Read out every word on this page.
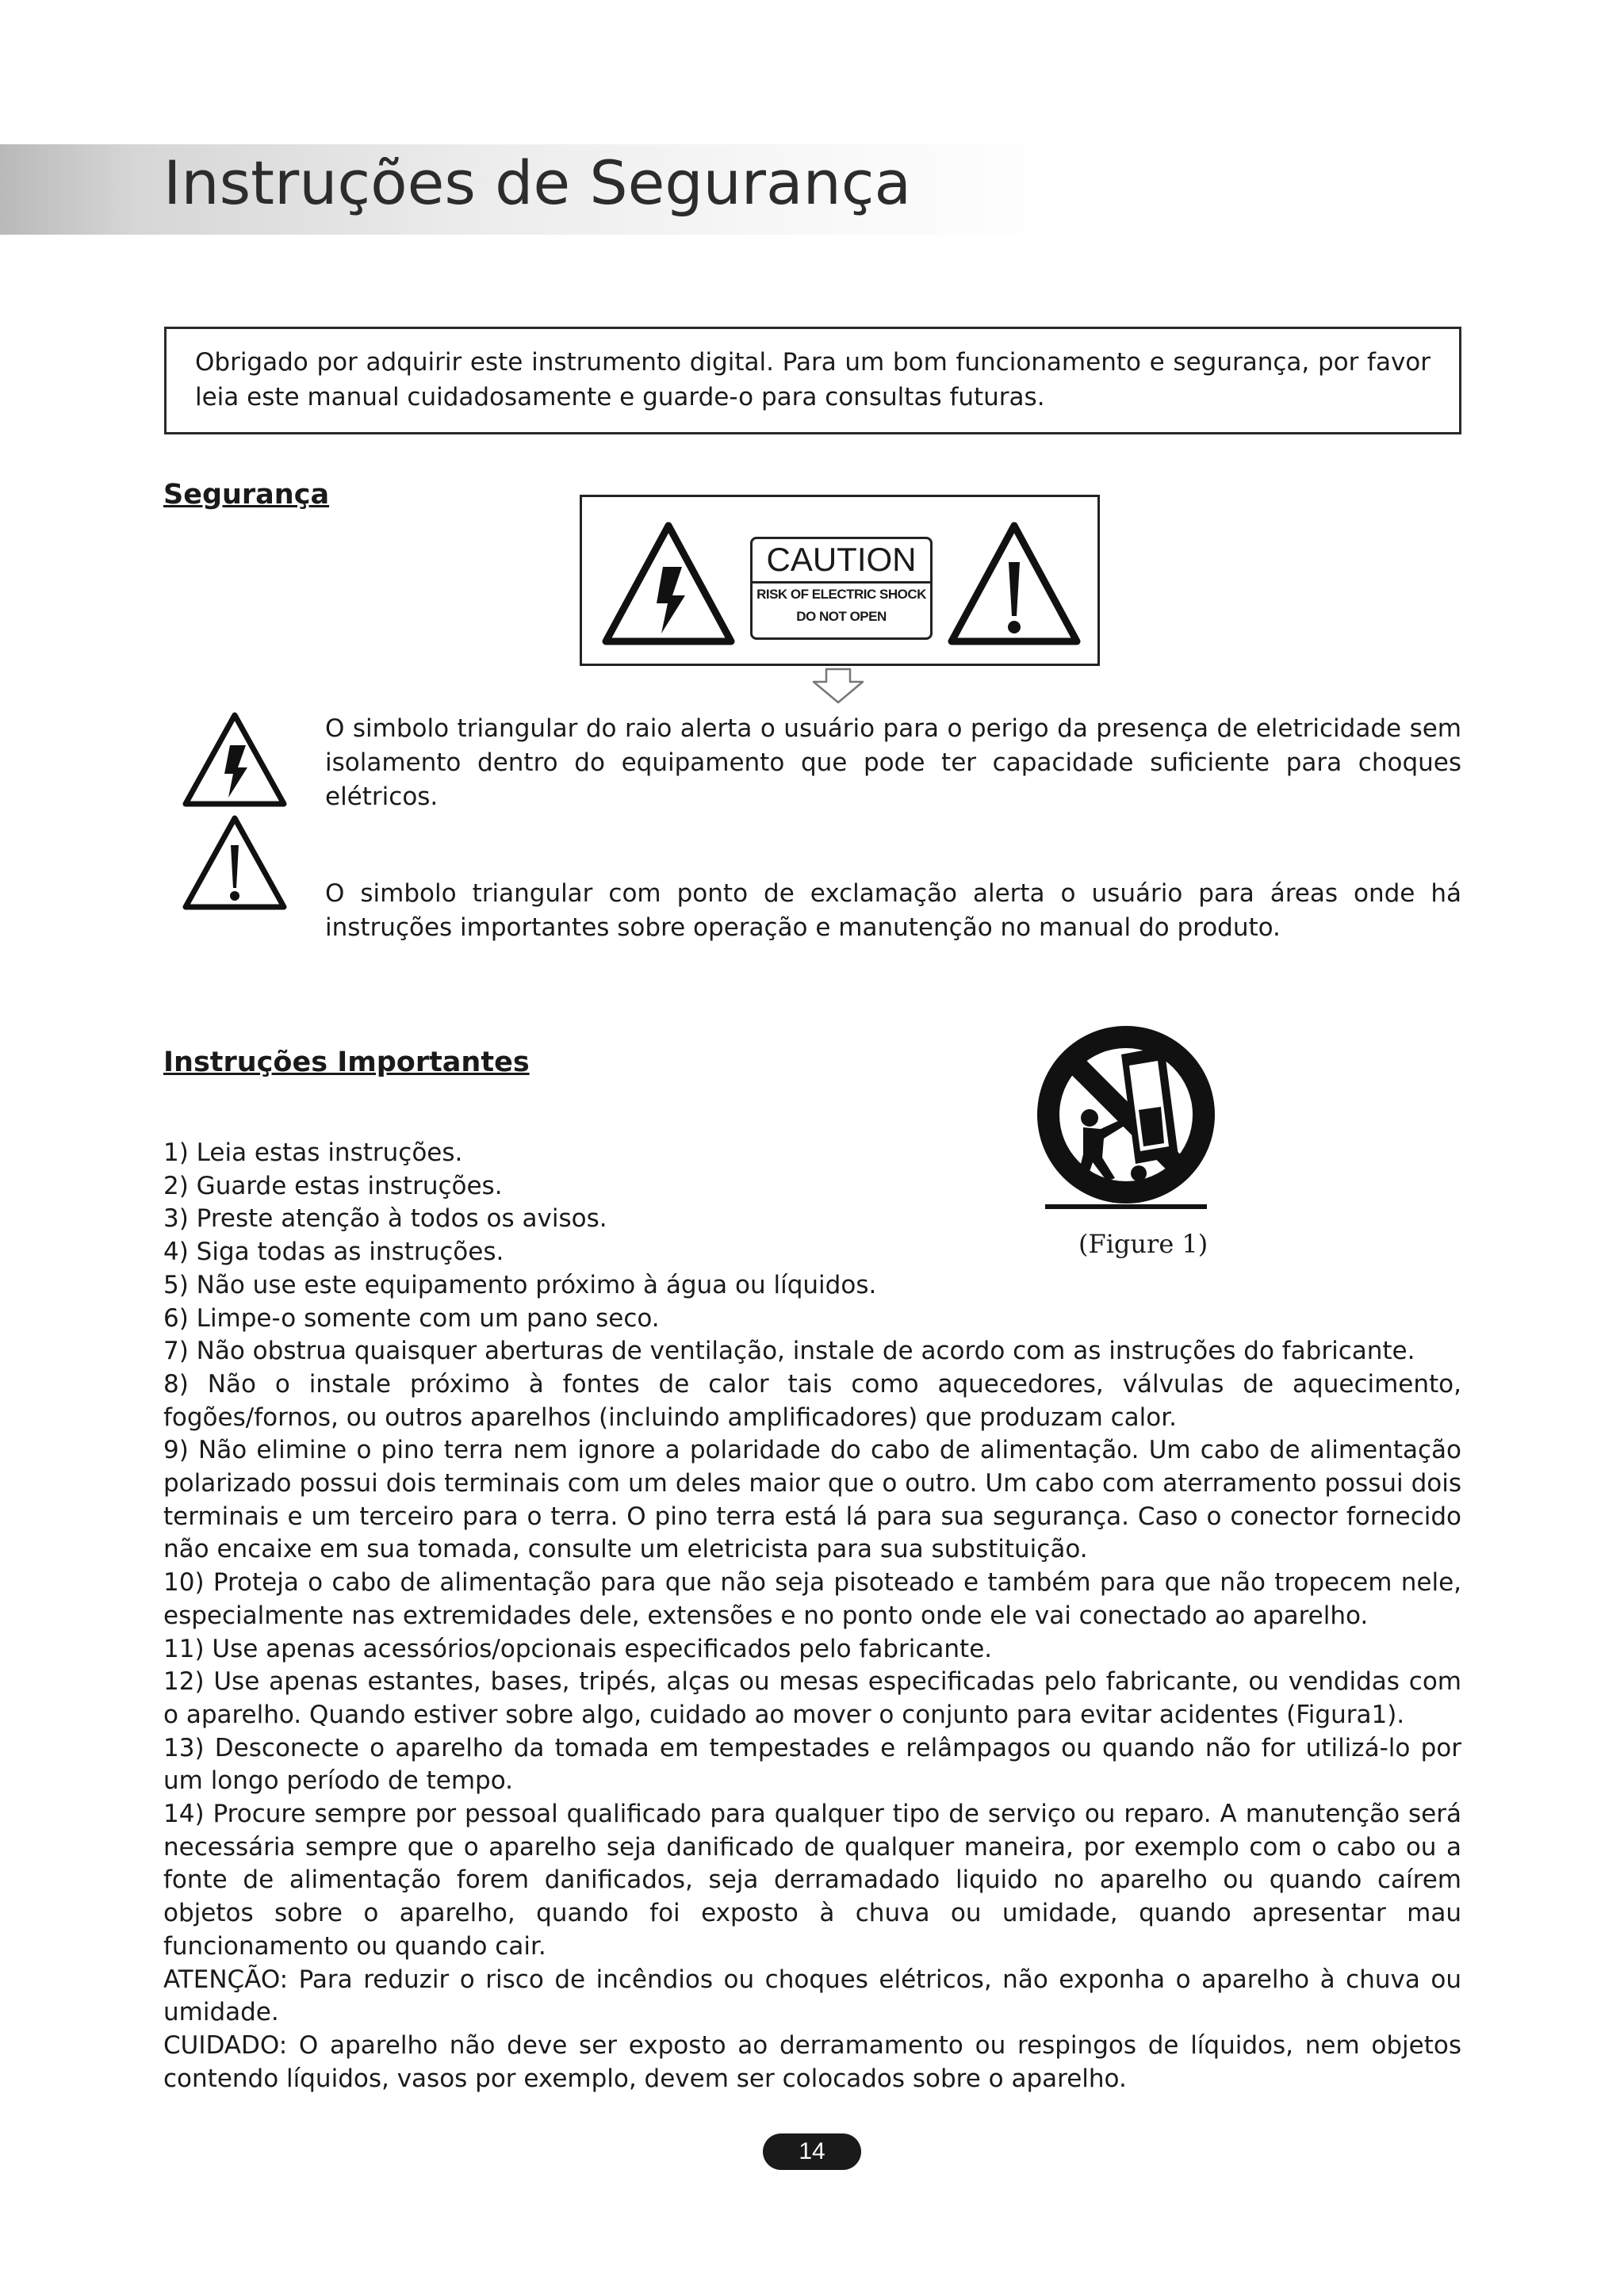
Instruções de Segurança
Obrigado por adquirir este instrumento digital. Para um bom funcionamento e segurança, por favor leia este manual cuidadosamente e guarde-o para consultas futuras.
Segurança
CAUTION
RISK OF ELECTRIC SHOCK
DO NOT OPEN
O simbolo triangular do raio alerta o usuário para o perigo da presença de eletricidade sem isolamento dentro do equipamento que pode ter capacidade suficiente para choques elétricos.
O simbolo triangular com ponto de exclamação alerta o usuário para áreas onde há instruções importantes sobre operação e manutenção no manual do produto.
Instruções Importantes
(Figure 1)
1) Leia estas instruções.
2) Guarde estas instruções.
3) Preste atenção à todos os avisos.
4) Siga todas as instruções.
5) Não use este equipamento próximo à água ou líquidos.
6) Limpe-o somente com um pano seco.
7) Não obstrua quaisquer aberturas de ventilação, instale de acordo com as instruções do fabricante.
8) Não o instale próximo à fontes de calor tais como aquecedores, válvulas de aquecimento, fogões/fornos, ou outros aparelhos (incluindo amplificadores) que produzam calor.
9) Não elimine o pino terra nem ignore a polaridade do cabo de alimentação. Um cabo de alimentação polarizado possui dois terminais com um deles maior que o outro. Um cabo com aterramento possui dois terminais e um terceiro para o terra. O pino terra está lá para sua segurança. Caso o conector fornecido não encaixe em sua tomada, consulte um eletricista para sua substituição.
10) Proteja o cabo de alimentação para que não seja pisoteado e também para que não tropecem nele, especialmente nas extremidades dele, extensões e no ponto onde ele vai conectado ao aparelho.
11) Use apenas acessórios/opcionais especificados pelo fabricante.
12) Use apenas estantes, bases, tripés, alças ou mesas especificadas pelo fabricante, ou vendidas com o aparelho. Quando estiver sobre algo, cuidado ao mover o conjunto para evitar acidentes (Figura1).
13) Desconecte o aparelho da tomada em tempestades e relâmpagos ou quando não for utilizá-lo por um longo período de tempo.
14) Procure sempre por pessoal qualificado para qualquer tipo de serviço ou reparo. A manutenção será necessária sempre que o aparelho seja danificado de qualquer maneira, por exemplo com o cabo ou a fonte de alimentação forem danificados, seja derramadado liquido no aparelho ou quando caírem objetos sobre o aparelho, quando foi exposto à chuva ou umidade, quando apresentar mau funcionamento ou quando cair.
ATENÇÃO: Para reduzir o risco de incêndios ou choques elétricos, não exponha o aparelho à chuva ou umidade.
CUIDADO: O aparelho não deve ser exposto ao derramamento ou respingos de líquidos, nem objetos contendo líquidos, vasos por exemplo, devem ser colocados sobre o aparelho.
14
